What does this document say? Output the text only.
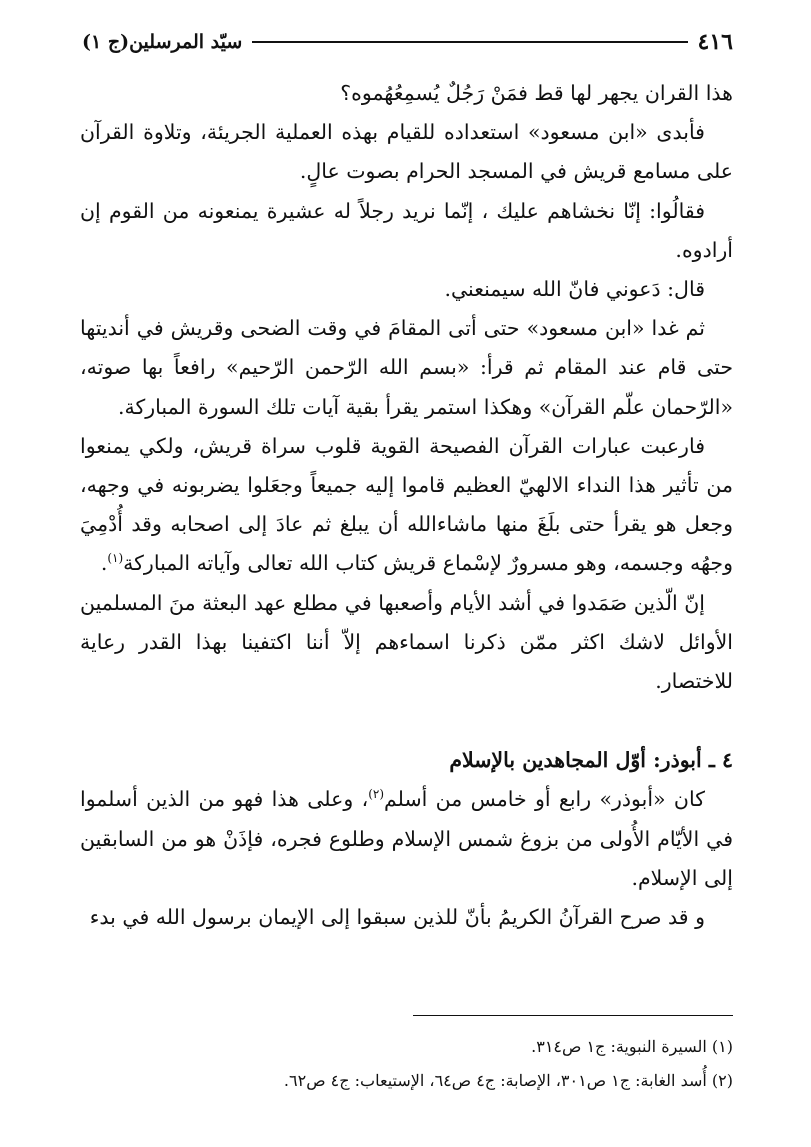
٤١٦
سيّد المرسلين(ج ١)

هذا القران يجهر لها قط فمَنْ رَجُلٌ يُسمِعُهُموه؟

فأبدى «ابن مسعود» استعداده للقيام بهذه العملية الجريئة، وتلاوة القرآن على مسامع قريش في المسجد الحرام بصوت عالٍ.

فقالُوا: إنّا نخشاهم عليك ، إنّما نريد رجلاً له عشيرة يمنعونه من القوم إن أرادوه.

قال: دَعوني فانّ الله سيمنعني.

ثم غدا «ابن مسعود» حتى أتى المقامَ في وقت الضحى وقريش في أنديتها حتى قام عند المقام ثم قرأ: «بسم الله الرّحمن الرّحيم» رافعاً بها صوته، «الرّحمان علّم القرآن» وهكذا استمر يقرأ بقية آيات تلك السورة المباركة.

فارعبت عبارات القرآن الفصيحة القوية قلوب سراة قريش، ولكي يمنعوا من تأثير هذا النداء الالهيّ العظيم قاموا إليه جميعاً وجعَلوا يضربونه في وجهه، وجعل هو يقرأ حتى بلَغَ منها ماشاءالله أن يبلغ ثم عادَ إلى اصحابه وقد أُدْمِيَ وجهُه وجسمه، وهو مسرورٌ لإسْماع قريش كتاب الله تعالى وآياته المباركة$^{(١)}$.

إنّ الّذين صَمَدوا في أشد الأيام وأصعبها في مطلع عهد البعثة منَ المسلمين الأوائل لاشك اكثر ممّن ذكرنا اسماءهم إلاّ أننا اكتفينا بهذا القدر رعاية للاختصار.

٤ ـ أبوذر: أوّل المجاهدين بالإسلام

كان «أبوذر» رابع أو خامس من أسلم$^{(٢)}$، وعلى هذا فهو من الذين أسلموا في الأيّام الأُولى من بزوغ شمس الإسلام وطلوع فجره، فإذَنْ هو من السابقين إلى الإسلام.

و قد صرح القرآنُ الكريمُ بأنّ للذين سبقوا إلى الإيمان برسول الله في بدء

(١) السيرة النبوية: ج١ ص٣١٤.

(٢) أُسد الغابة: ج١ ص٣٠١، الإصابة: ج٤ ص٦٤، الإستيعاب: ج٤ ص٦٢.
